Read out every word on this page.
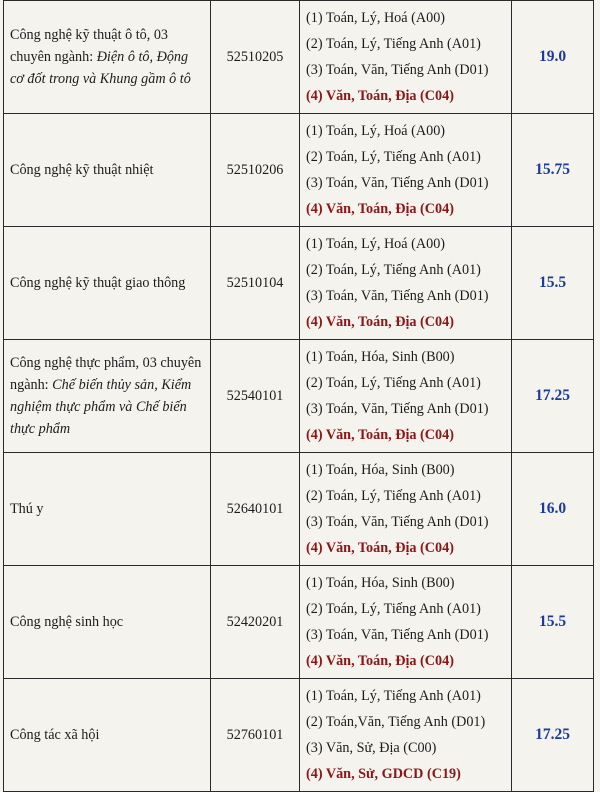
Công nghệ kỹ thuật ô tô, 03 chuyên ngành: Điện ô tô, Động cơ đốt trong và Khung gầm ô tô	52510205	(1) Toán, Lý, Hoá (A00)
(2) Toán, Lý, Tiếng Anh (A01)
(3) Toán, Văn, Tiếng Anh (D01)
(4) Văn, Toán, Địa (C04)	19.0
Công nghệ kỹ thuật nhiệt	52510206	(1) Toán, Lý, Hoá (A00)
(2) Toán, Lý, Tiếng Anh (A01)
(3) Toán, Văn, Tiếng Anh (D01)
(4) Văn, Toán, Địa (C04)	15.75
Công nghệ kỹ thuật giao thông	52510104	(1) Toán, Lý, Hoá (A00)
(2) Toán, Lý, Tiếng Anh (A01)
(3) Toán, Văn, Tiếng Anh (D01)
(4) Văn, Toán, Địa (C04)	15.5
Công nghệ thực phẩm, 03 chuyên ngành: Chế biến thủy sản, Kiểm nghiệm thực phẩm và Chế biến thực phẩm	52540101	(1) Toán, Hóa, Sinh (B00)
(2) Toán, Lý, Tiếng Anh (A01)
(3) Toán, Văn, Tiếng Anh (D01)
(4) Văn, Toán, Địa (C04)	17.25
Thú y	52640101	(1) Toán, Hóa, Sinh (B00)
(2) Toán, Lý, Tiếng Anh (A01)
(3) Toán, Văn, Tiếng Anh (D01)
(4) Văn, Toán, Địa (C04)	16.0
Công nghệ sinh học	52420201	(1) Toán, Hóa, Sinh (B00)
(2) Toán, Lý, Tiếng Anh (A01)
(3) Toán, Văn, Tiếng Anh (D01)
(4) Văn, Toán, Địa (C04)	15.5
Công tác xã hội	52760101	(1) Toán, Lý, Tiếng Anh (A01)
(2) Toán,Văn, Tiếng Anh (D01)
(3) Văn, Sử, Địa (C00)
(4) Văn, Sử, GDCD (C19)	17.25
